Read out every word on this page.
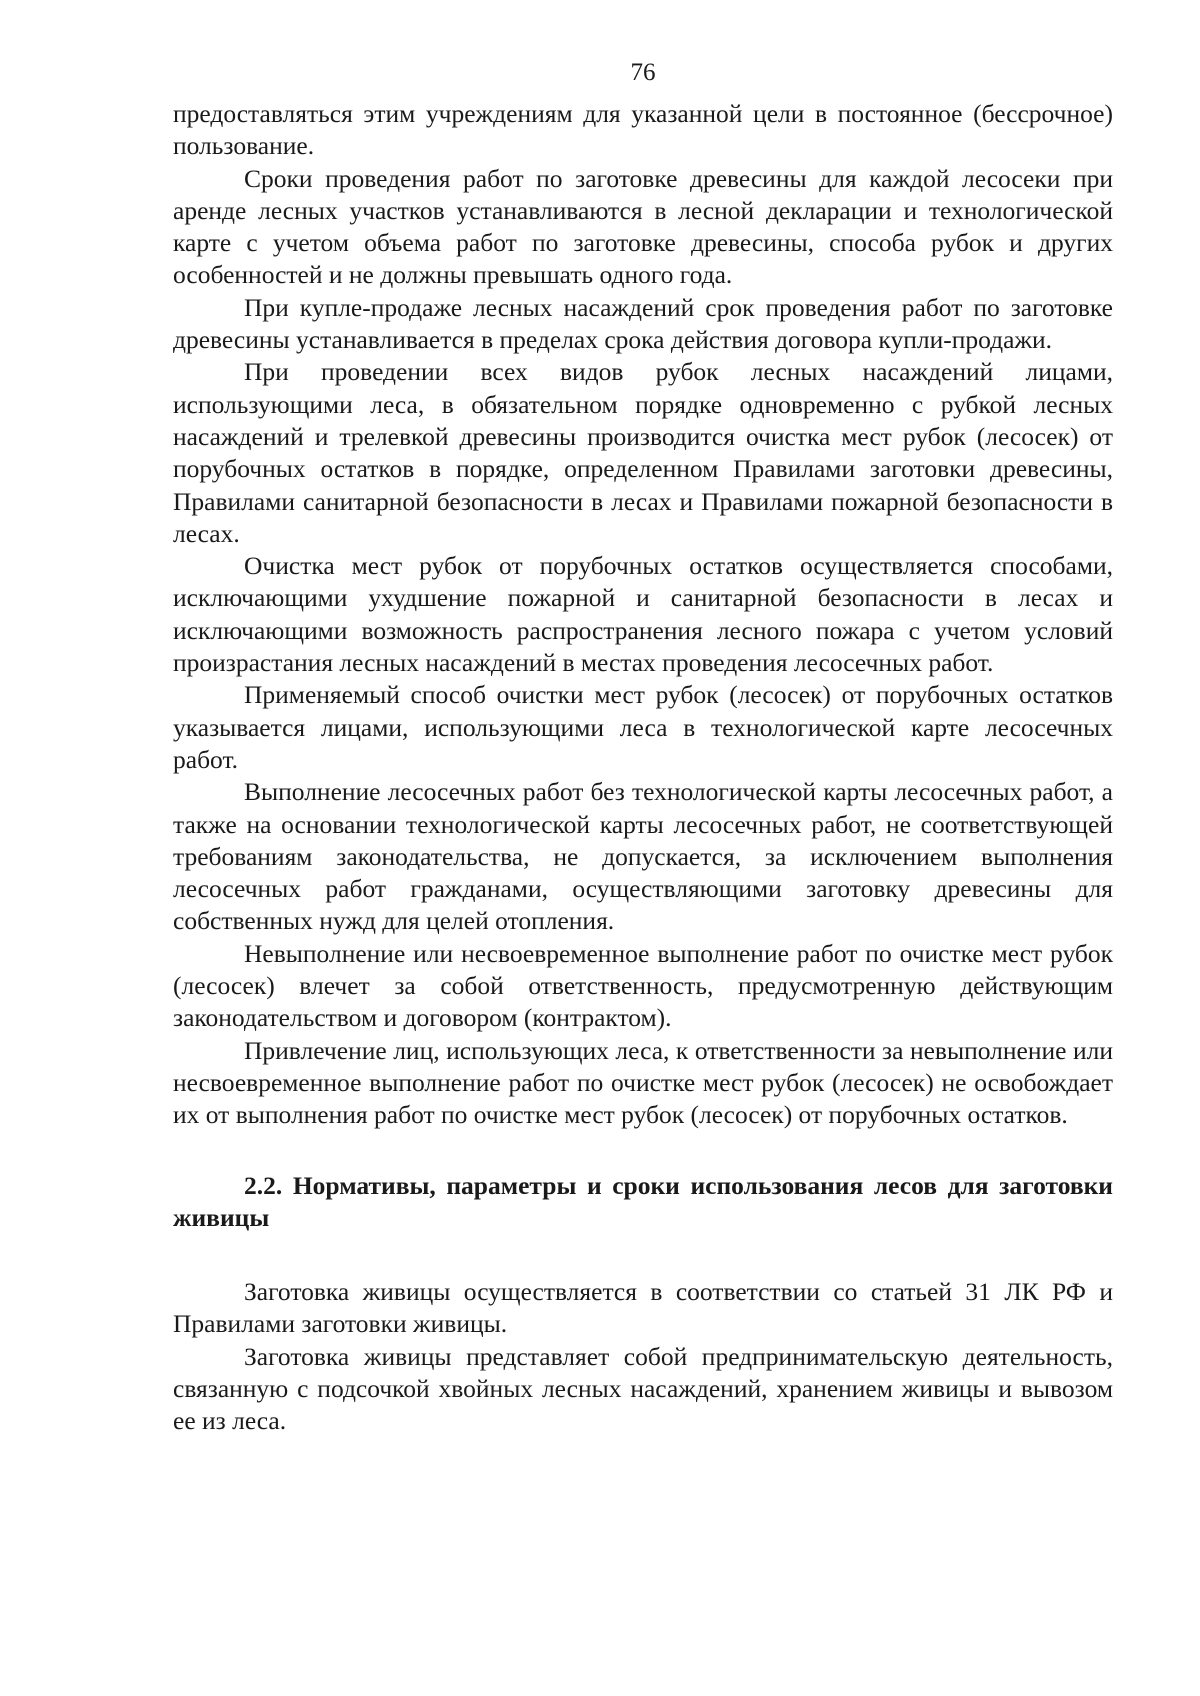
76

предоставляться этим учреждениям для указанной цели в постоянное (бессрочное) пользование.

Сроки проведения работ по заготовке древесины для каждой лесосеки при аренде лесных участков устанавливаются в лесной декларации и технологической карте с учетом объема работ по заготовке древесины, способа рубок и других особенностей и не должны превышать одного года.

При купле-продаже лесных насаждений срок проведения работ по заготовке древесины устанавливается в пределах срока действия договора купли-продажи.

При проведении всех видов рубок лесных насаждений лицами, использующими леса, в обязательном порядке одновременно с рубкой лесных насаждений и трелевкой древесины производится очистка мест рубок (лесосек) от порубочных остатков в порядке, определенном Правилами заготовки древесины, Правилами санитарной безопасности в лесах и Правилами пожарной безопасности в лесах.

Очистка мест рубок от порубочных остатков осуществляется способами, исключающими ухудшение пожарной и санитарной безопасности в лесах и исключающими возможность распространения лесного пожара с учетом условий произрастания лесных насаждений в местах проведения лесосечных работ.

Применяемый способ очистки мест рубок (лесосек) от порубочных остатков указывается лицами, использующими леса в технологической карте лесосечных работ.

Выполнение лесосечных работ без технологической карты лесосечных работ, а также на основании технологической карты лесосечных работ, не соответствующей требованиям законодательства, не допускается, за исключением выполнения лесосечных работ гражданами, осуществляющими заготовку древесины для собственных нужд для целей отопления.

Невыполнение или несвоевременное выполнение работ по очистке мест рубок (лесосек) влечет за собой ответственность, предусмотренную действующим законодательством и договором (контрактом).

Привлечение лиц, использующих леса, к ответственности за невыполнение или несвоевременное выполнение работ по очистке мест рубок (лесосек) не освобождает их от выполнения работ по очистке мест рубок (лесосек) от порубочных остатков.

2.2. Нормативы, параметры и сроки использования лесов для заготовки живицы

Заготовка живицы осуществляется в соответствии со статьей 31 ЛК РФ и Правилами заготовки живицы.

Заготовка живицы представляет собой предпринимательскую деятельность, связанную с подсочкой хвойных лесных насаждений, хранением живицы и вывозом ее из леса.
